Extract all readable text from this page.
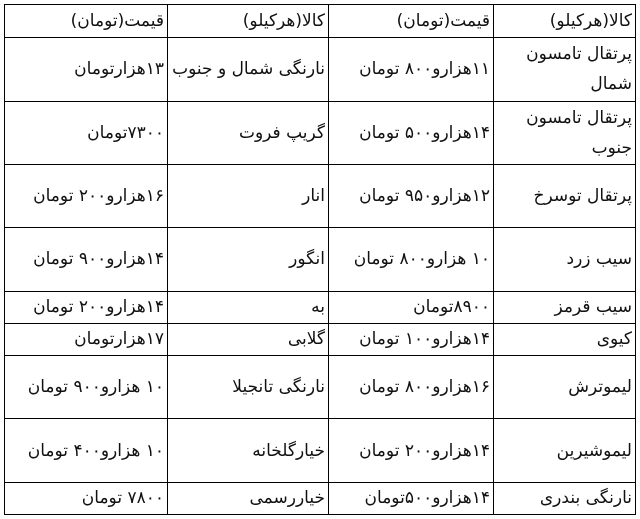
کالا(هرکیلو)	قیمت(تومان)	کالا(هرکیلو)	قیمت(تومان)

پرتقال تامسون شمال	۱۱هزارو۸۰۰ تومان	نارنگی شمال و جنوب	۱۳هزارتومان

پرتقال تامسون جنوب	۱۴هزارو۵۰۰ تومان	گریپ فروت	۷۳۰۰تومان

پرتقال توسرخ	۱۲هزارو۹۵۰ تومان	انار	۱۶هزارو۲۰۰ تومان

سیب زرد	۱۰ هزارو۸۰۰ تومان	انگور	۱۴هزارو۹۰۰ تومان

سیب قرمز	۸۹۰۰تومان	به	۱۴هزارو۲۰۰ تومان

کیوی	۱۴هزارو۱۰۰ تومان	گلابی	۱۷هزارتومان

لیموترش	۱۶هزارو۸۰۰ تومان	نارنگی تانجیلا	۱۰ هزارو۹۰۰ تومان

لیموشیرین	۱۴هزارو۲۰۰ تومان	خیارگلخانه	۱۰ هزارو۴۰۰ تومان

نارنگی بندری	۱۴هزارو۵۰۰تومان	خیاررسمی	۷۸۰۰ تومان
